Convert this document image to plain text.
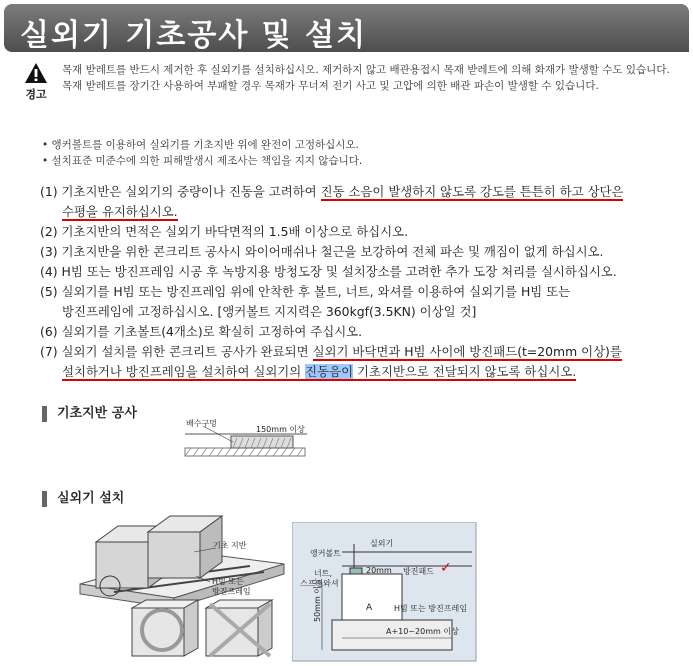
실외기 기초공사 및 설치
경고
목재 받레트를 반드시 제거한 후 실외기를 설치하십시오. 제거하지 않고 배관용접시 목재 받레트에 의해 화재가 발생할 수도 있습니다.
목재 받레트를 장기간 사용하여 부패할 경우 목재가 무너져 전기 사고 및 고압에 의한 배관 파손이 발생할 수 있습니다.
• 앵커볼트를 이용하여 실외기를 기초지반 위에 완전이 고정하십시오.
• 설치표준 미준수에 의한 피해발생시 제조사는 책임을 지지 않습니다.
(1) 기초지반은 실외기의 중량이나 진동을 고려하여 진동 소음이 발생하지 않도록 강도를 튼튼히 하고 상단은
수평을 유지하십시오.
(2) 기초지반의 면적은 실외기 바닥면적의 1.5배 이상으로 하십시오.
(3) 기초지반을 위한 콘크리트 공사시 와이어매쉬나 철근을 보강하여 전체 파손 및 깨짐이 없게 하십시오.
(4) H빔 또는 방진프레임 시공 후 녹방지용 방청도장 및 설치장소를 고려한 추가 도장 처리를 실시하십시오.
(5) 실외기를 H빔 또는 방진프레임 위에 안착한 후 볼트, 너트, 와셔를 이용하여 실외기를 H빔 또는
방진프레임에 고정하십시오. [앵커볼트 지지력은 360kgf(3.5KN) 이상일 것]
(6) 실외기를 기초볼트(4개소)로 확실히 고정하여 주십시오.
(7) 실외기 설치를 위한 콘크리트 공사가 완료되면 실외기 바닥면과 H빔 사이에 방진패드(t=20mm 이상)를
설치하거나 방진프레임을 설치하여 실외기의 진동음이 기초지반으로 전달되지 않도록 하십시오.
기초지반 공사
배수구멍
150mm 이상
실외기 설치
기초 지반
H빔 또는
방진프레임
실외기
앵커볼트
너트,
스프링와셔
20mm 방진패드 ✓
A	H빔 또는 방진프레임
A+10~20mm 이상
50mm 이상
